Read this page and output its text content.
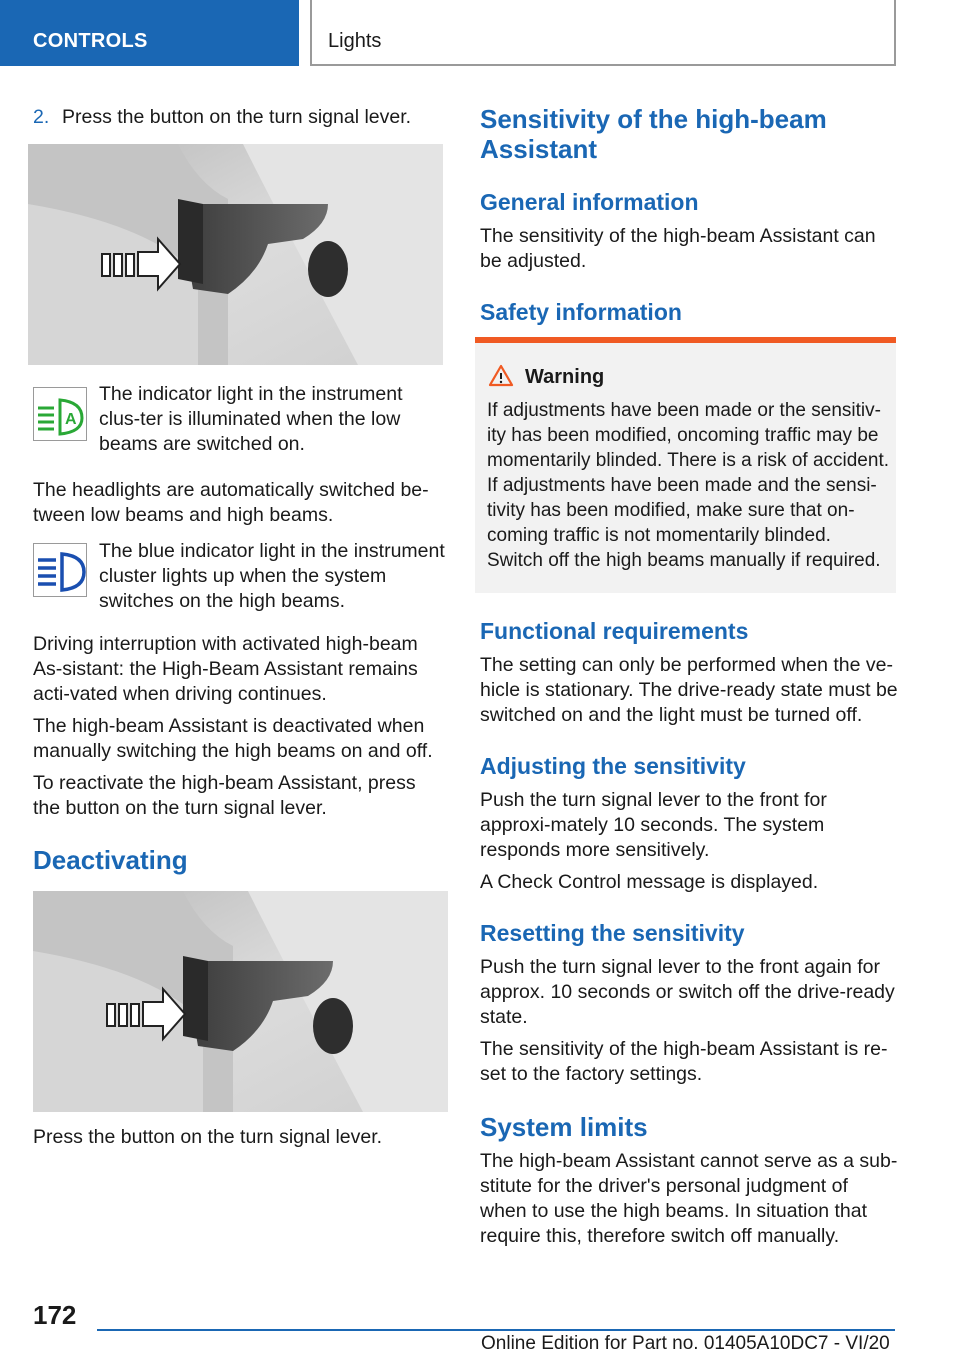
CONTROLS	Lights
2. Press the button on the turn signal lever.
A
The indicator light in the instrument clus-ter is illuminated when the low beams are switched on.

The headlights are automatically switched be-tween low beams and high beams.

The blue indicator light in the instrument cluster lights up when the system switches on the high beams.

Driving interruption with activated high-beam As-sistant: the High-Beam Assistant remains acti-vated when driving continues.

The high-beam Assistant is deactivated when manually switching the high beams on and off.

To reactivate the high-beam Assistant, press the button on the turn signal lever.

Deactivating

Press the button on the turn signal lever.

Sensitivity of the high-beam Assistant
General information

The sensitivity of the high-beam Assistant can be adjusted.

Safety information
Warning
If adjustments have been made or the sensitiv-ity has been modified, oncoming traffic may be momentarily blinded. There is a risk of accident. If adjustments have been made and the sensi-tivity has been modified, make sure that on-coming traffic is not momentarily blinded. Switch off the high beams manually if required.
Functional requirements

The setting can only be performed when the ve-hicle is stationary. The drive-ready state must be switched on and the light must be turned off.

Adjusting the sensitivity

Push the turn signal lever to the front for approxi-mately 10 seconds. The system responds more sensitively.

A Check Control message is displayed.

Resetting the sensitivity

Push the turn signal lever to the front again for approx. 10 seconds or switch off the drive-ready state.

The sensitivity of the high-beam Assistant is re-set to the factory settings.

System limits

The high-beam Assistant cannot serve as a sub-stitute for the driver's personal judgment of when to use the high beams. In situation that require this, therefore switch off manually.

172
Online Edition for Part no. 01405A10DC7 - VI/20
